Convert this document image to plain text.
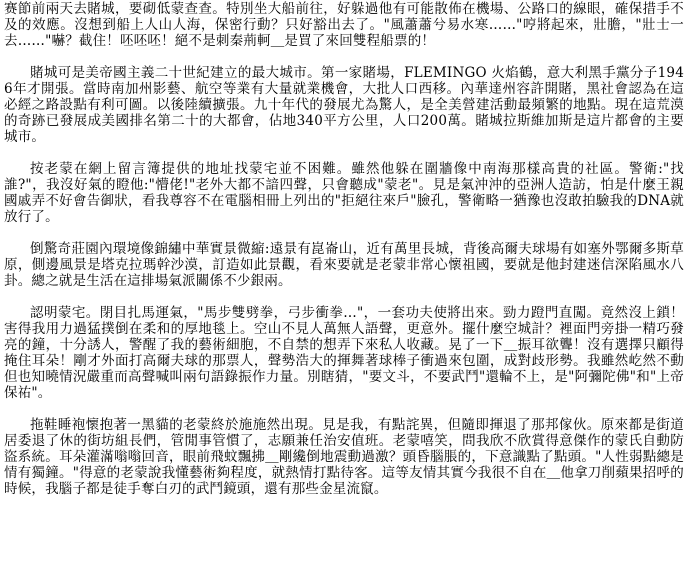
赛節前兩天去賭城，要砌低蒙查查。特別坐大船前往，好躲過他有可能散佈在機場、公路口的線眼，確保措手不及的效應。沒想到船上人山人海，保密行動？只好豁出去了。"風蕭蕭兮易水寒……"哼將起來，壯膽，"壯士一去……"嚇？截住！呸呸呸！絕不是刺秦荊軻＿是買了來回雙程船票的！

賭城可是美帝國主義二十世紀建立的最大城市。第一家賭場，FLEMINGO 火焰鶴，意大利黑手黨分子1946年才開張。當時南加州影藝、航空等業有大量就業機會，大批人口西移。內華達州容許開賭，黑社會認為在這必經之路設點有利可圖。以後陸續擴張。九十年代的發展尤為驚人，是全美營建活動最頻繁的地點。現在這荒漠的奇跡已發展成美國排名第二十的大都會，佔地340平方公里，人口200萬。賭城拉斯維加斯是這片都會的主要城市。

按老蒙在網上留言簿提供的地址找蒙宅並不困難。雖然他躲在圍牆像中南海那樣高貴的社區。警衛:"找誰?"，我沒好氣的瞪他:"懵佬!"老外大都不諳四聲，只會聽成"蒙老"。見是氣沖沖的亞洲人造訪，怕是什麼王親國戚弄不好會告御狀，看我尊容不在電腦相冊上列出的"拒絕往來戶"臉孔，警衛略一猶豫也沒敢拍驗我的DNA就放行了。

倒驚奇莊園內環境像錦繡中華實景微縮:遠景有崑崙山，近有萬里長城，背後高爾夫球場有如塞外鄂爾多斯草原，側邊風景是塔克拉瑪幹沙漠，訂造如此景觀，看來要就是老蒙非常心懷祖國，要就是他封建迷信深陷風水八卦。總之就是生活在這排場氣派關係不少銀兩。

認明蒙宅。閉目扎馬運氣，"馬步雙劈拳，弓步衝拳…"，一套功夫使將出來。勁力蹬門直闖。竟然沒上鎖！害得我用力過猛撲倒在柔和的厚地毯上。空山不見人萬無人語聲，更意外。擺什麼空城計？裡面門旁掛一精巧發亮的鐘，十分誘人，警醒了我的藝術細胞，不自禁的想弄下來私人收藏。晃了一下＿振耳欲聾！沒有選擇只顧得掩住耳朵！剛才外面打高爾夫球的那票人，聲勢浩大的揮舞著球棒子衝過來包圍，成對歧形勢。我雖然屹然不動但也知曉情況嚴重而高聲喊叫兩句語錄振作力量。別瞎猜，"要文斗，不要武鬥"還輪不上，是"阿彌陀佛"和"上帝保祐"。

拖鞋睡袍懷抱著一黑貓的老蒙終於施施然出現。見是我，有點詫異，但隨即揮退了那邦傢伙。原來都是街道居委退了休的街坊組長們，管閒事管慣了，志願兼任治安值班。老蒙嘻笑，問我欣不欣賞得意傑作的蒙氏自動防盜系統。耳朵灌滿嗡嗡回音，眼前飛蚊飄拂＿剛纔倒地震動過激？頭昏腦脹的，下意識點了點頭。"人性弱點總是情有獨鐘。"得意的老蒙說我懂藝術夠程度，就熱情打點待客。這等友情其實今我很不自在＿他拿刀削蘋果招呼的時候，我腦子都是徒手奪白刃的武鬥鏡頭，還有那些金星流竄。
